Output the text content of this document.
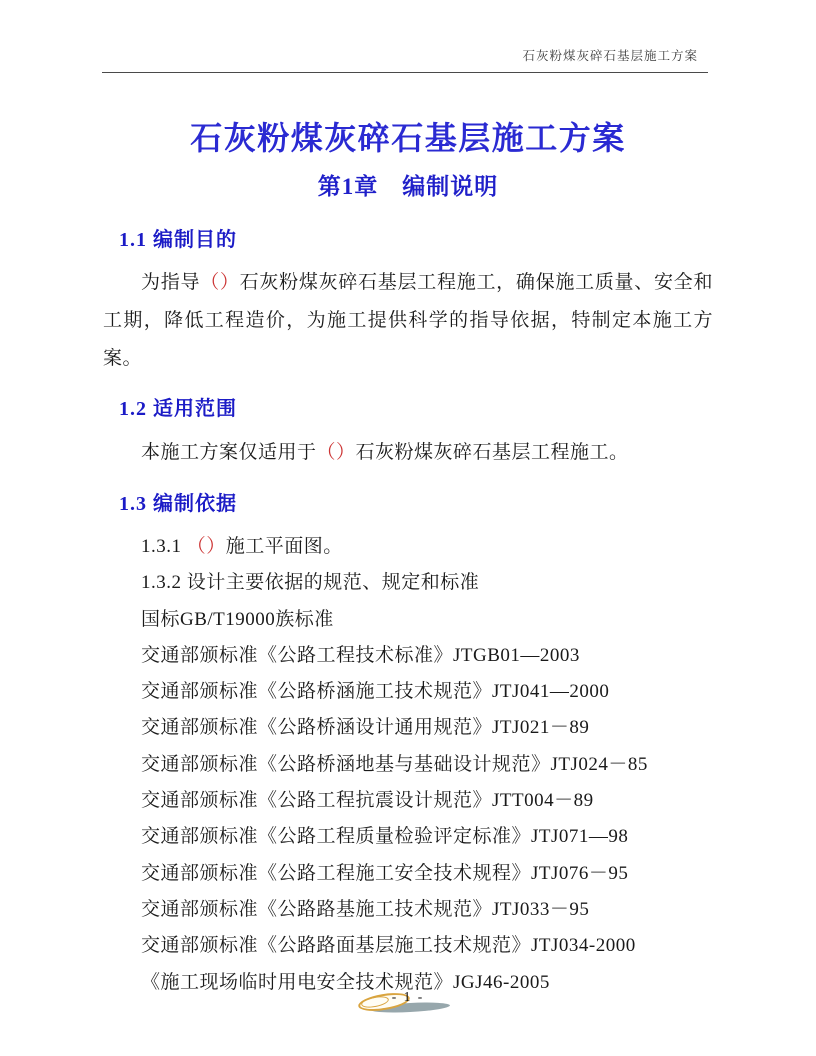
石灰粉煤灰碎石基层施工方案
石灰粉煤灰碎石基层施工方案
第1章　编制说明
1.1 编制目的
为指导（）石灰粉煤灰碎石基层工程施工，确保施工质量、安全和工期，降低工程造价，为施工提供科学的指导依据，特制定本施工方案。
1.2 适用范围
本施工方案仅适用于（）石灰粉煤灰碎石基层工程施工。
1.3 编制依据
1.3.1 （）施工平面图。
1.3.2 设计主要依据的规范、规定和标准
国标GB/T19000族标准
交通部颁标准《公路工程技术标准》JTGB01—2003
交通部颁标准《公路桥涵施工技术规范》JTJ041—2000
交通部颁标准《公路桥涵设计通用规范》JTJ021－89
交通部颁标准《公路桥涵地基与基础设计规范》JTJ024－85
交通部颁标准《公路工程抗震设计规范》JTT004－89
交通部颁标准《公路工程质量检验评定标准》JTJ071—98
交通部颁标准《公路工程施工安全技术规程》JTJ076－95
交通部颁标准《公路路基施工技术规范》JTJ033－95
交通部颁标准《公路路面基层施工技术规范》JTJ034-2000
《施工现场临时用电安全技术规范》JGJ46-2005
- 1 -
